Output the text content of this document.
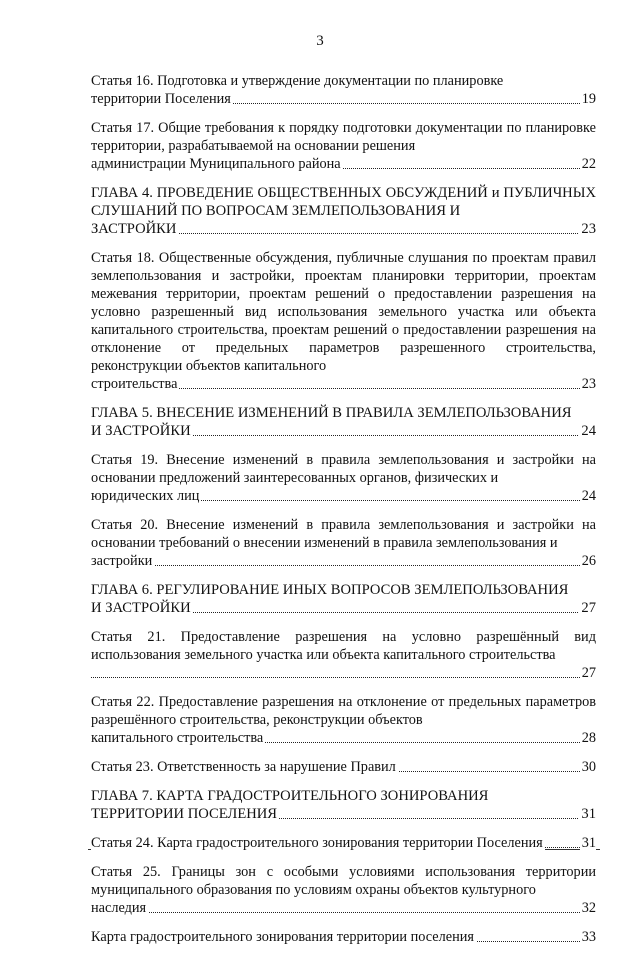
3
Статья 16. Подготовка и утверждение документации по планировке
территории Поселения	19
Статья 17. Общие требования к порядку подготовки документации по планировке территории, разрабатываемой на основании решения
администрации Муниципального района	22
ГЛАВА 4. ПРОВЕДЕНИЕ ОБЩЕСТВЕННЫХ ОБСУЖДЕНИЙ и ПУБЛИЧНЫХ СЛУШАНИЙ ПО ВОПРОСАМ ЗЕМЛЕПОЛЬЗОВАНИЯ И
ЗАСТРОЙКИ	23
Статья 18. Общественные обсуждения, публичные слушания по проектам правил землепользования и застройки, проектам планировки территории, проектам межевания территории, проектам решений о предоставлении разрешения на условно разрешенный вид использования земельного участка или объекта капитального строительства, проектам решений о предоставлении разрешения на отклонение от предельных параметров разрешенного строительства, реконструкции объектов капитального
строительства	23
ГЛАВА 5. ВНЕСЕНИЕ ИЗМЕНЕНИЙ В ПРАВИЛА ЗЕМЛЕПОЛЬЗОВАНИЯ
И ЗАСТРОЙКИ	24
Статья 19. Внесение изменений в правила землепользования и застройки на основании предложений заинтересованных органов, физических и
юридических лиц	24
Статья 20. Внесение изменений в правила землепользования и застройки на основании требований о внесении изменений в правила землепользования и
застройки	26
ГЛАВА 6. РЕГУЛИРОВАНИЕ ИНЫХ ВОПРОСОВ ЗЕМЛЕПОЛЬЗОВАНИЯ
И ЗАСТРОЙКИ	27
Статья 21. Предоставление разрешения на условно разрешённый вид использования земельного участка или объекта капитального строительства
27
Статья 22. Предоставление разрешения на отклонение от предельных параметров разрешённого строительства, реконструкции объектов
капитального строительства	28
Статья 23. Ответственность за нарушение Правил	30
ГЛАВА 7. КАРТА ГРАДОСТРОИТЕЛЬНОГО ЗОНИРОВАНИЯ
ТЕРРИТОРИИ ПОСЕЛЕНИЯ	31
Статья 24. Карта градостроительного зонирования территории Поселения	31
Статья 25. Границы зон с особыми условиями использования территории муниципального образования по условиям охраны объектов культурного
наследия	32
Карта градостроительного зонирования территории поселения	33
